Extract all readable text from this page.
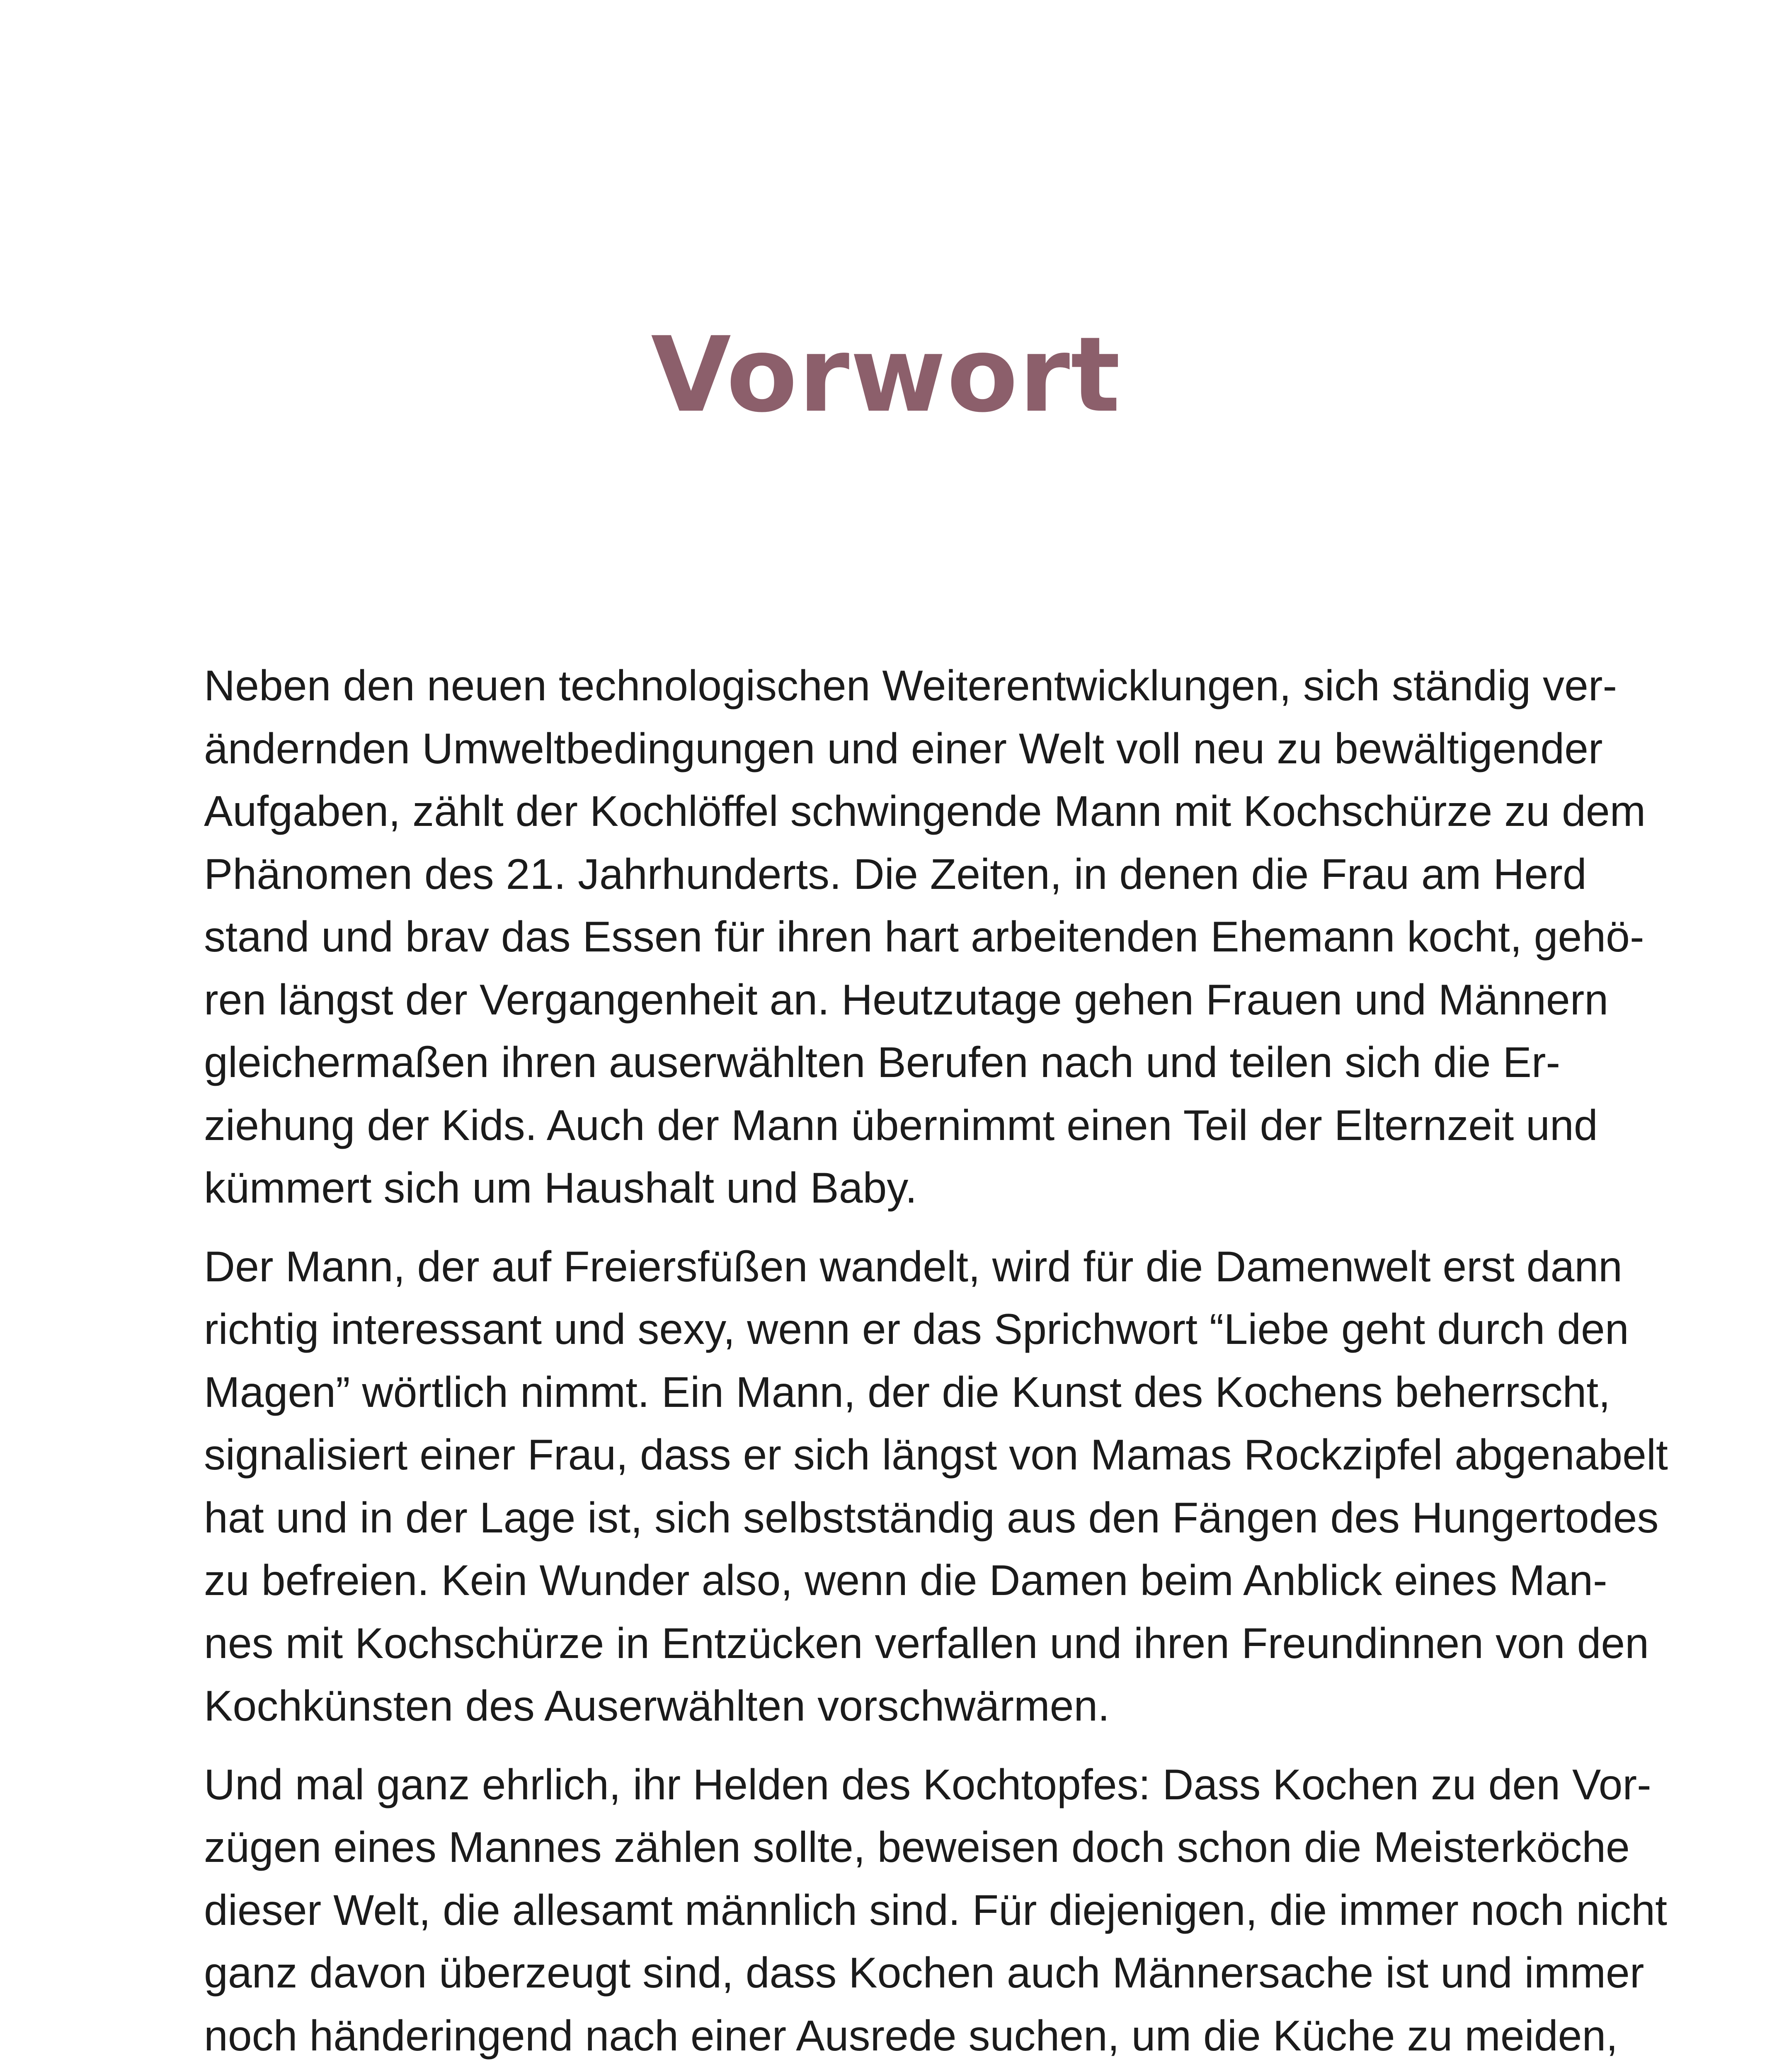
Vorwort

Neben den neuen technologischen Weiterentwicklungen, sich ständig ver-
ändernden Umweltbedingungen und einer Welt voll neu zu bewältigender
Aufgaben, zählt der Kochlöffel schwingende Mann mit Kochschürze zu dem
Phänomen des 21. Jahrhunderts. Die Zeiten, in denen die Frau am Herd
stand und brav das Essen für ihren hart arbeitenden Ehemann kocht, gehö-
ren längst der Vergangenheit an. Heutzutage gehen Frauen und Männern
gleichermaßen ihren auserwählten Berufen nach und teilen sich die Er-
ziehung der Kids. Auch der Mann übernimmt einen Teil der Elternzeit und
kümmert sich um Haushalt und Baby.

Der Mann, der auf Freiersfüßen wandelt, wird für die Damenwelt erst dann
richtig interessant und sexy, wenn er das Sprichwort “Liebe geht durch den
Magen” wörtlich nimmt. Ein Mann, der die Kunst des Kochens beherrscht,
signalisiert einer Frau, dass er sich längst von Mamas Rockzipfel abgenabelt
hat und in der Lage ist, sich selbstständig aus den Fängen des Hungertodes
zu befreien. Kein Wunder also, wenn die Damen beim Anblick eines Man-
nes mit Kochschürze in Entzücken verfallen und ihren Freundinnen von den
Kochkünsten des Auserwählten vorschwärmen.

Und mal ganz ehrlich, ihr Helden des Kochtopfes: Dass Kochen zu den Vor-
zügen eines Mannes zählen sollte, beweisen doch schon die Meisterköche
dieser Welt, die allesamt männlich sind. Für diejenigen, die immer noch nicht
ganz davon überzeugt sind, dass Kochen auch Männersache ist und immer
noch händeringend nach einer Ausrede suchen, um die Küche zu meiden,
